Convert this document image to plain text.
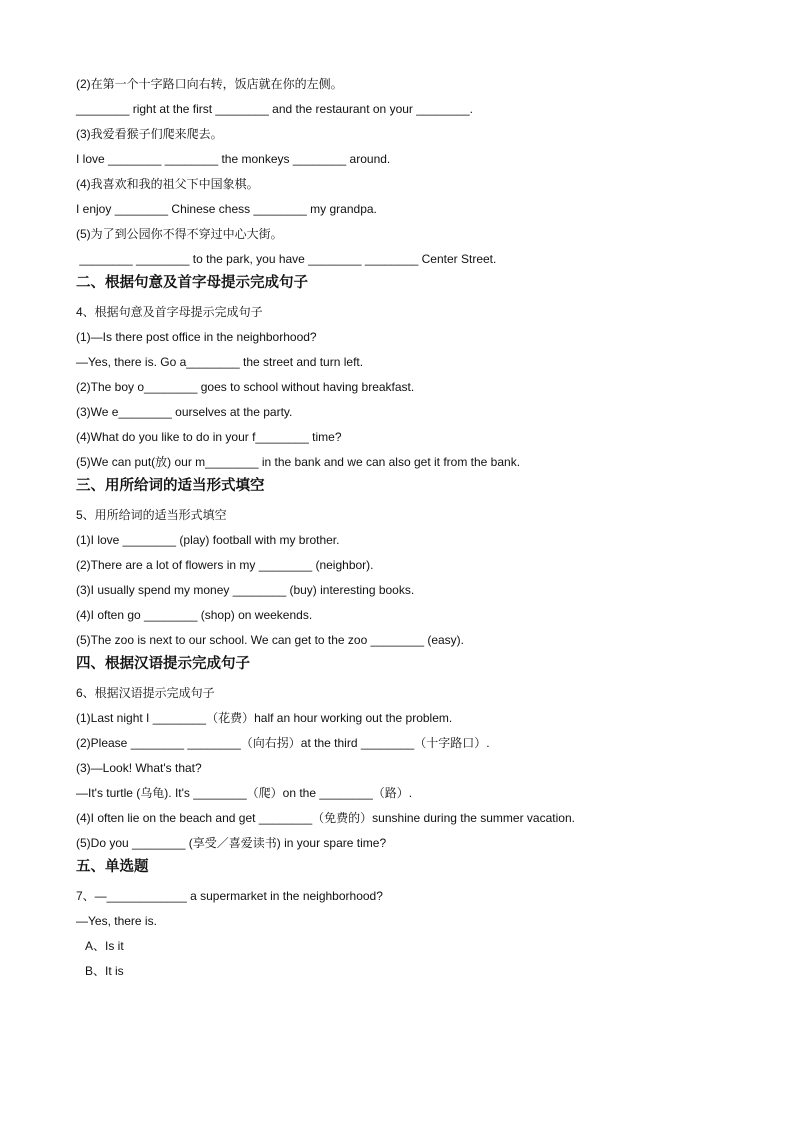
(2)在第一个十字路口向右转，饭店就在你的左侧。
________ right at the first ________ and the restaurant on your ________.
(3)我爱看猴子们爬来爬去。
I love ________ ________ the monkeys ________ around.
(4)我喜欢和我的祖父下中国象棋。
I enjoy ________ Chinese chess ________ my grandpa.
(5)为了到公园你不得不穿过中心大街。
________ ________ to the park, you have ________ ________ Center Street.
二、根据句意及首字母提示完成句子
4、根据句意及首字母提示完成句子
(1)—Is there post office in the neighborhood?
—Yes, there is. Go a________ the street and turn left.
(2)The boy o________ goes to school without having breakfast.
(3)We e________ ourselves at the party.
(4)What do you like to do in your f________ time?
(5)We can put(放) our m________ in the bank and we can also get it from the bank.
三、用所给词的适当形式填空
5、用所给词的适当形式填空
(1)I love ________ (play) football with my brother.
(2)There are a lot of flowers in my ________ (neighbor).
(3)I usually spend my money ________ (buy) interesting books.
(4)I often go ________ (shop) on weekends.
(5)The zoo is next to our school. We can get to the zoo ________ (easy).
四、根据汉语提示完成句子
6、根据汉语提示完成句子
(1)Last night I ________（花费）half an hour working out the problem.
(2)Please ________ ________（向右拐）at the third ________（十字路口）.
(3)—Look! What's that?
—It's turtle (乌龟). It's ________（爬）on the ________（路）.
(4)I often lie on the beach and get ________（免费的）sunshine during the summer vacation.
(5)Do you ________ (享受／喜爱读书) in your spare time?
五、单选题
7、—____________ a supermarket in the neighborhood?
—Yes, there is.
A、Is it
B、It is
